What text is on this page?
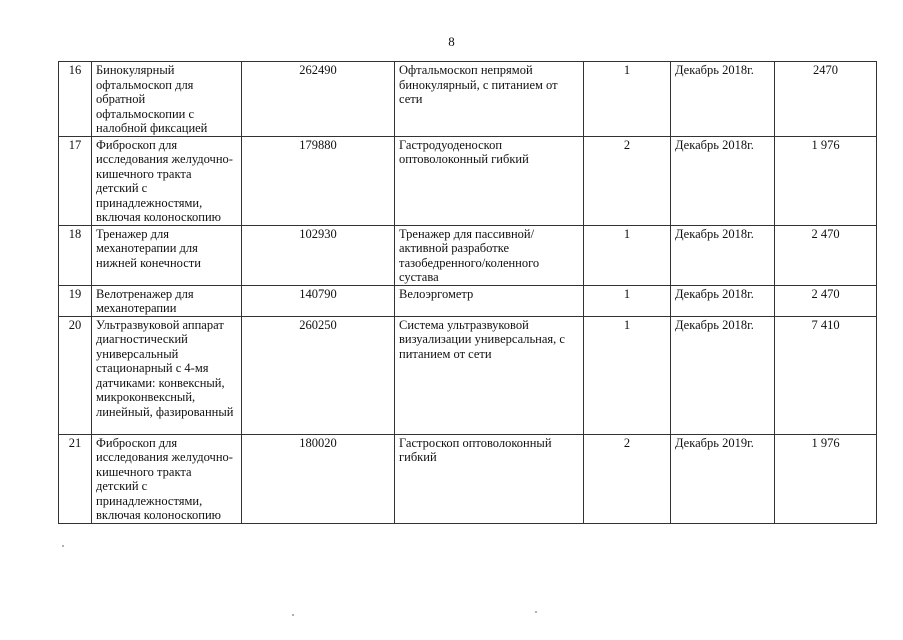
8
16	Бинокулярный офтальмоскоп для обратной офтальмоскопии с налобной фиксацией	262490	Офтальмоскоп непрямой бинокулярный, с питанием от сети	1	Декабрь 2018г.	2470
17	Фиброскоп для исследования желудочно-кишечного тракта детский с принадлежностями, включая колоноскопию	179880	Гастродуоденоскоп оптоволоконный гибкий	2	Декабрь 2018г.	1 976
18	Тренажер для механотерапии для нижней конечности	102930	Тренажер для пассивной/активной разработке тазобедренного/коленного сустава	1	Декабрь 2018г.	2 470
19	Велотренажер для механотерапии	140790	Велоэргометр	1	Декабрь 2018г.	2 470
20	Ультразвуковой аппарат диагностический универсальный стационарный с 4-мя датчиками: конвексный, микроконвексный, линейный, фазированный	260250	Система ультразвуковой визуализации универсальная, с питанием от сети	1	Декабрь 2018г.	7 410
21	Фиброскоп для исследования желудочно-кишечного тракта детский с принадлежностями, включая колоноскопию	180020	Гастроскоп оптоволоконный гибкий	2	Декабрь 2019г.	1 976
